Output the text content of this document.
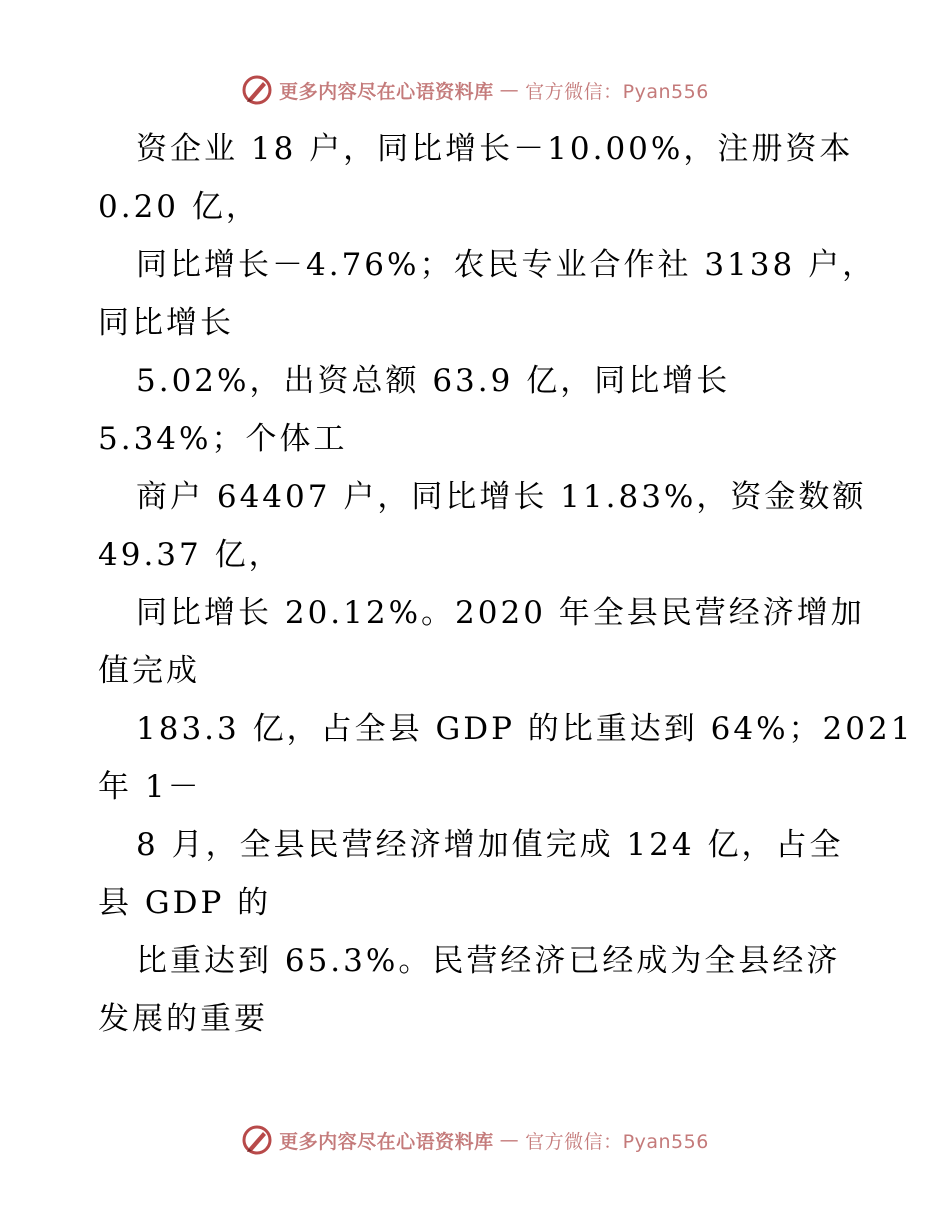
更多内容尽在心语资料库 — 官方微信：Pyan556
资企业 18 户，同比增长－10.00%，注册资本
0.20 亿，
同比增长－4.76%；农民专业合作社 3138 户，
同比增长
5.02%，出资总额 63.9 亿，同比增长
5.34%；个体工
商户 64407 户，同比增长 11.83%，资金数额
49.37 亿，
同比增长 20.12%。2020 年全县民营经济增加
值完成
183.3 亿，占全县 GDP 的比重达到 64%；2021
年 1－
8 月，全县民营经济增加值完成 124 亿，占全
县 GDP 的
比重达到 65.3%。民营经济已经成为全县经济
发展的重要
更多内容尽在心语资料库 — 官方微信：Pyan556
